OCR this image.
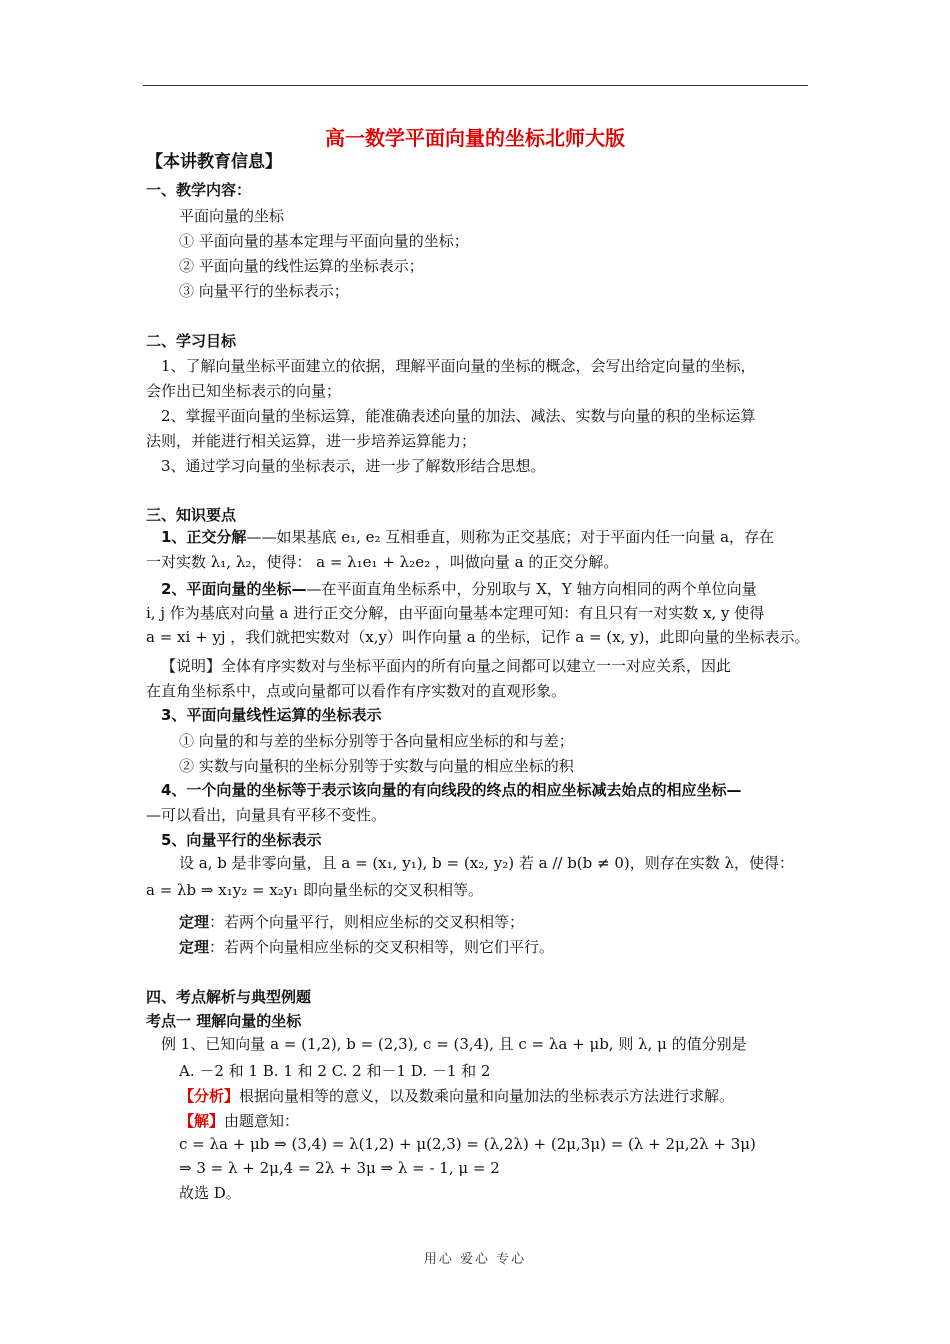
高一数学平面向量的坐标北师大版
【本讲教育信息】
一、教学内容：
平面向量的坐标
① 平面向量的基本定理与平面向量的坐标；
② 平面向量的线性运算的坐标表示；
③ 向量平行的坐标表示；
二、学习目标
1、了解向量坐标平面建立的依据，理解平面向量的坐标的概念，会写出给定向量的坐标，
会作出已知坐标表示的向量；
2、掌握平面向量的坐标运算，能准确表述向量的加法、减法、实数与向量的积的坐标运算
法则，并能进行相关运算，进一步培养运算能力；
3、通过学习向量的坐标表示，进一步了解数形结合思想。
三、知识要点
1、正交分解——如果基底 e₁, e₂ 互相垂直，则称为正交基底；对于平面内任一向量 a，存在
一对实数 λ₁, λ₂，使得： a = λ₁e₁ + λ₂e₂ ，叫做向量 a 的正交分解。
2、平面向量的坐标——在平面直角坐标系中，分别取与 X，Y 轴方向相同的两个单位向量
i, j 作为基底对向量 a 进行正交分解，由平面向量基本定理可知：有且只有一对实数 x, y 使得
a = xi + yj ，我们就把实数对（x,y）叫作向量 a 的坐标，记作 a = (x, y)，此即向量的坐标表示。
【说明】全体有序实数对与坐标平面内的所有向量之间都可以建立一一对应关系，因此
在直角坐标系中，点或向量都可以看作有序实数对的直观形象。
3、平面向量线性运算的坐标表示
① 向量的和与差的坐标分别等于各向量相应坐标的和与差；
② 实数与向量积的坐标分别等于实数与向量的相应坐标的积
4、一个向量的坐标等于表示该向量的有向线段的终点的相应坐标减去始点的相应坐标—
—可以看出，向量具有平移不变性。
5、向量平行的坐标表示
设 a, b 是非零向量，且 a = (x₁, y₁), b = (x₂, y₂) 若 a // b(b ≠ 0)，则存在实数 λ，使得：
a = λb ⇒ x₁y₂ = x₂y₁ 即向量坐标的交叉积相等。
定理：若两个向量平行，则相应坐标的交叉积相等；
定理：若两个向量相应坐标的交叉积相等，则它们平行。
四、考点解析与典型例题
考点一 理解向量的坐标
例 1、已知向量 a = (1,2), b = (2,3), c = (3,4), 且 c = λa + μb, 则 λ, μ 的值分别是
A. －2 和 1 B. 1 和 2 C. 2 和－1 D. －1 和 2
【分析】根据向量相等的意义，以及数乘向量和向量加法的坐标表示方法进行求解。
【解】由题意知：
c = λa + μb ⇒ (3,4) = λ(1,2) + μ(2,3) = (λ,2λ) + (2μ,3μ) = (λ + 2μ,2λ + 3μ)
⇒ 3 = λ + 2μ,4 = 2λ + 3μ ⇒ λ = - 1, μ = 2
故选 D。
用心 爱心 专心
